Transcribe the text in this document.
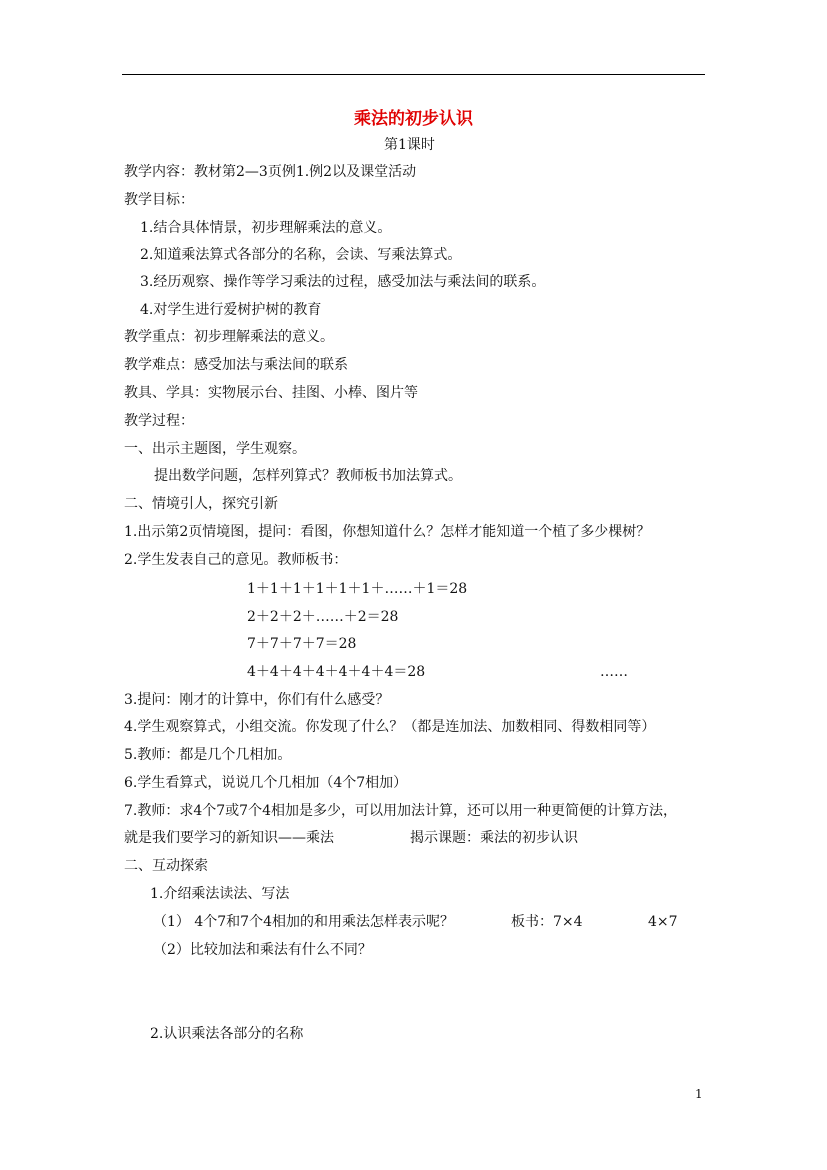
乘法的初步认识
第1课时
教学内容：教材第2—3页例1.例2以及课堂活动
教学目标：
1.结合具体情景，初步理解乘法的意义。
2.知道乘法算式各部分的名称，会读、写乘法算式。
3.经历观察、操作等学习乘法的过程，感受加法与乘法间的联系。
4.对学生进行爱树护树的教育
教学重点：初步理解乘法的意义。
教学难点：感受加法与乘法间的联系
教具、学具：实物展示台、挂图、小棒、图片等
教学过程：
一、出示主题图，学生观察。
提出数学问题，怎样列算式？教师板书加法算式。
二、情境引人，探究引新
1.出示第2页情境图，提问：看图，你想知道什么？怎样才能知道一个植了多少棵树？
2.学生发表自己的意见。教师板书：
1＋1＋1＋1＋1＋1＋……＋1＝28
2＋2＋2＋……＋2＝28
7＋7＋7＋7＝28
4＋4＋4＋4＋4＋4＋4＝28	……
3.提问：刚才的计算中，你们有什么感受？
4.学生观察算式，小组交流。你发现了什么？（都是连加法、加数相同、得数相同等）
5.教师：都是几个几相加。
6.学生看算式，说说几个几相加（4个7相加）
7.教师：求4个7或7个4相加是多少，可以用加法计算，还可以用一种更简便的计算方法，
就是我们要学习的新知识——乘法	揭示课题：乘法的初步认识
二、互动探索
1.介绍乘法读法、写法
（1） 4个7和7个4相加的和用乘法怎样表示呢？	板书：7×4	4×7
（2）比较加法和乘法有什么不同？
2.认识乘法各部分的名称
1
